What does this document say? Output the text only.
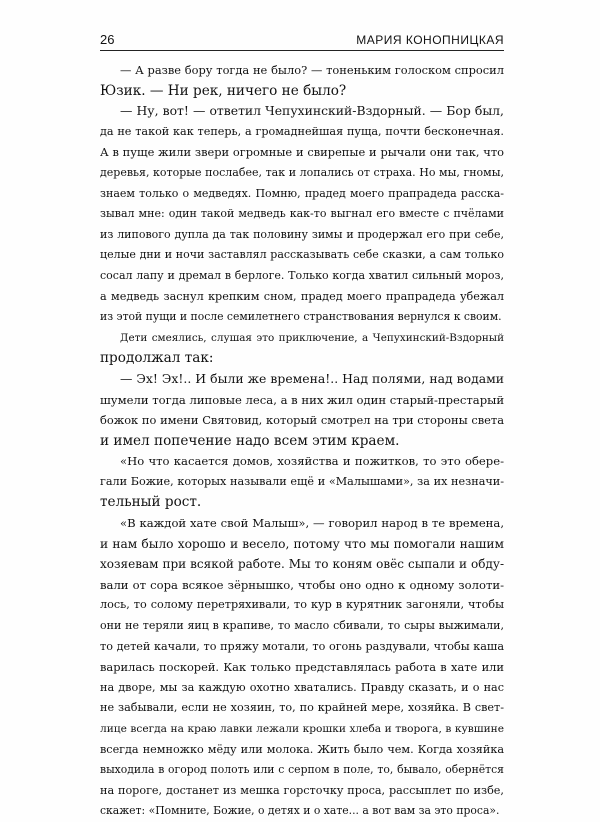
26	МАРИЯ КОНОПНИЦКАЯ
— А разве бору тогда не было? — тоненьким голоском спросил
Юзик. — Ни рек, ничего не было?
— Ну, вот! — ответил Чепухинский-Вздорный. — Бор был,
да не такой как теперь, а громаднейшая пуща, почти бесконечная.
А в пуще жили звери огромные и свирепые и рычали они так, что
деревья, которые послабее, так и лопались от страха. Но мы, гномы,
знаем только о медведях. Помню, прадед моего прапрадеда расска-
зывал мне: один такой медведь как-то выгнал его вместе с пчёлами
из липового дупла да так половину зимы и продержал его при себе,
целые дни и ночи заставлял рассказывать себе сказки, а сам только
сосал лапу и дремал в берлоге. Только когда хватил сильный мороз,
а медведь заснул крепким сном, прадед моего прапрадеда убежал
из этой пущи и после семилетнего странствования вернулся к своим.
Дети смеялись, слушая это приключение, а Чепухинский-Вздорный
продолжал так:
— Эх! Эх!.. И были же времена!.. Над полями, над водами
шумели тогда липовые леса, а в них жил один старый-престарый
божок по имени Святовид, который смотрел на три стороны света
и имел попечение надо всем этим краем.
«Но что касается домов, хозяйства и пожитков, то это обере-
гали Божие, которых называли ещё и «Малышами», за их незначи-
тельный рост.
«В каждой хате свой Малыш», — говорил народ в те времена,
и нам было хорошо и весело, потому что мы помогали нашим
хозяевам при всякой работе. Мы то коням овёс сыпали и обду-
вали от сора всякое зёрнышко, чтобы оно одно к одному золоти-
лось, то солому перетряхивали, то кур в курятник загоняли, чтобы
они не теряли яиц в крапиве, то масло сбивали, то сыры выжимали,
то детей качали, то пряжу мотали, то огонь раздували, чтобы каша
варилась поскорей. Как только представлялась работа в хате или
на дворе, мы за каждую охотно хватались. Правду сказать, и о нас
не забывали, если не хозяин, то, по крайней мере, хозяйка. В свет-
лице всегда на краю лавки лежали крошки хлеба и творога, в кувшине
всегда немножко мёду или молока. Жить было чем. Когда хозяйка
выходила в огород полоть или с серпом в поле, то, бывало, обернётся
на пороге, достанет из мешка горсточку проса, рассыплет по избе,
скажет: «Помните, Божие, о детях и о хате... а вот вам за это проса».
